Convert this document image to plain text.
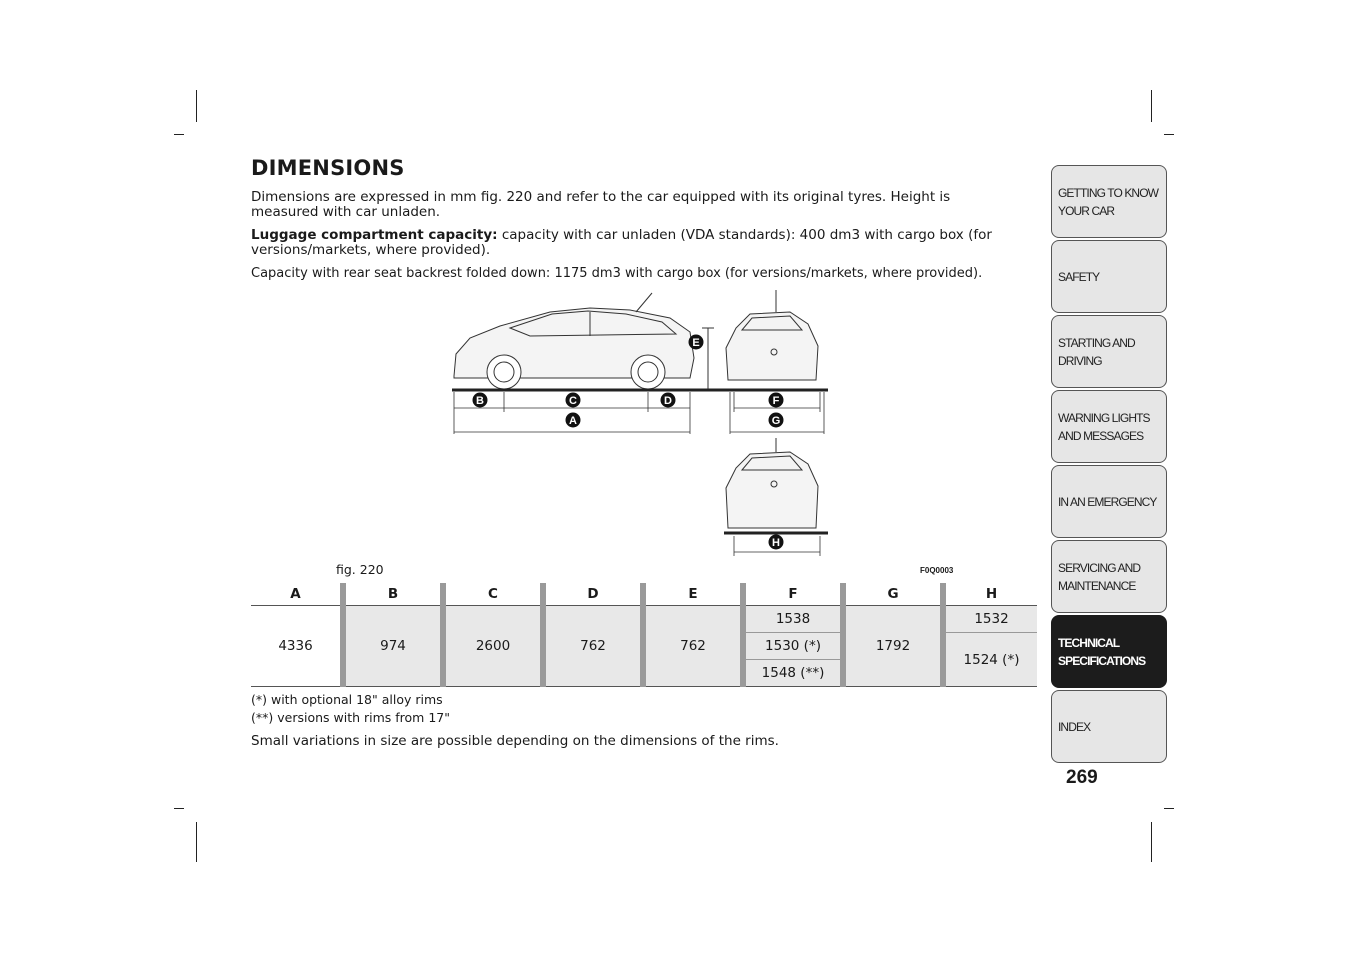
DIMENSIONS
Dimensions are expressed in mm fig. 220 and refer to the car equipped with its original tyres. Height is measured with car unladen.
Luggage compartment capacity: capacity with car unladen (VDA standards): 400 dm3 with cargo box (for versions/markets, where provided).
Capacity with rear seat backrest folded down: 1175 dm3 with cargo box (for versions/markets, where provided).
B	C	D
A
E
F
G
H
fig. 220	F0Q0003
A	B	C	D	E	F	G	H
4336	974	2600	762	762	1538	1792	1532
					1530 (*)		1524 (*)
					1548 (**)		
(*) with optional 18" alloy rims
(**) versions with rims from 17"
Small variations in size are possible depending on the dimensions of the rims.
GETTING TO KNOW
YOUR CAR
SAFETY
STARTING AND
DRIVING
WARNING LIGHTS
AND MESSAGES
IN AN EMERGENCY
SERVICING AND
MAINTENANCE
TECHNICAL
SPECIFICATIONS
INDEX
269
